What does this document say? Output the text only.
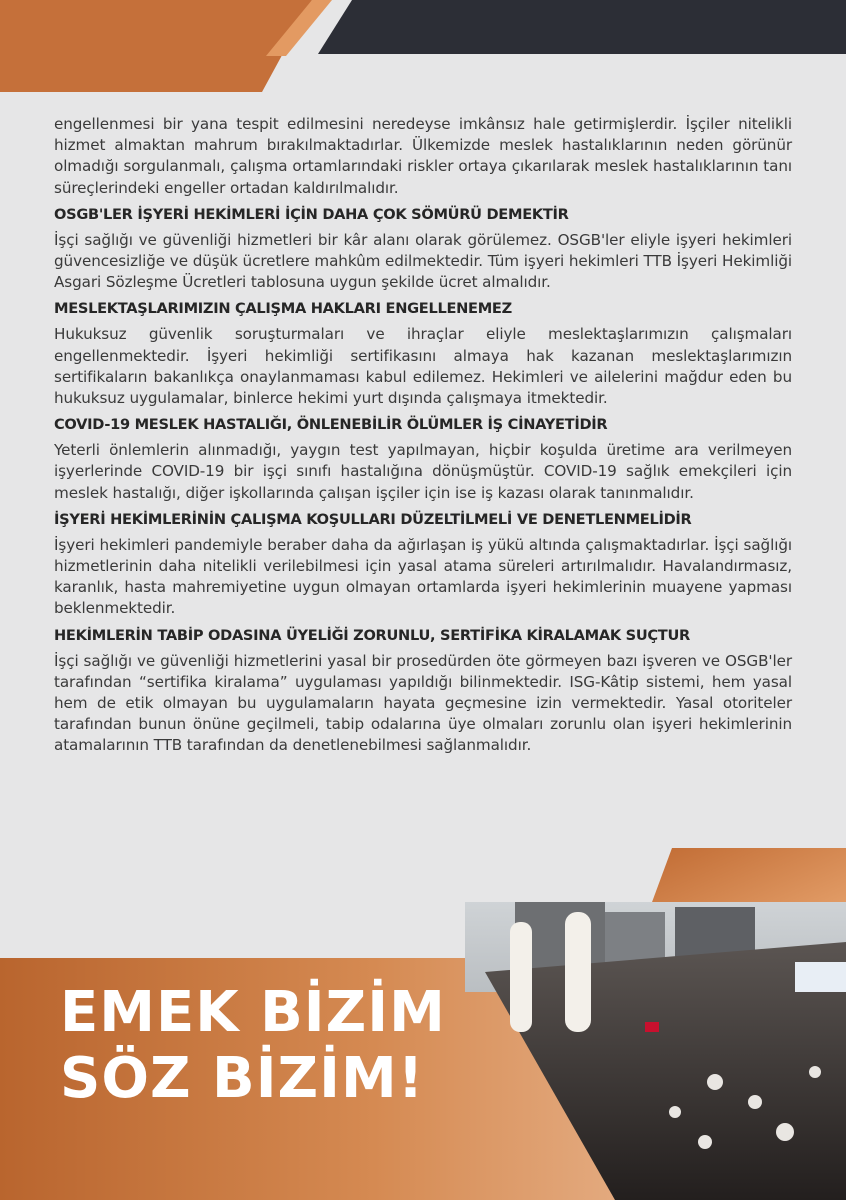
engellenmesi bir yana tespit edilmesini neredeyse imkânsız hale getirmişlerdir. İşçiler nitelikli hizmet almaktan mahrum bırakılmaktadırlar. Ülkemizde meslek hastalıklarının neden görünür olmadığı sorgulanmalı, çalışma ortamlarındaki riskler ortaya çıkarılarak meslek hastalıklarının tanı süreçlerindeki engeller ortadan kaldırılmalıdır.

OSGB'LER İŞYERİ HEKİMLERİ İÇİN DAHA ÇOK SÖMÜRÜ DEMEKTİR

İşçi sağlığı ve güvenliği hizmetleri bir kâr alanı olarak görülemez. OSGB'ler eliyle işyeri hekimleri güvencesizliğe ve düşük ücretlere mahkûm edilmektedir. Tüm işyeri hekimleri TTB İşyeri Hekimliği Asgari Sözleşme Ücretleri tablosuna uygun şekilde ücret almalıdır.

MESLEKTAŞLARIMIZIN ÇALIŞMA HAKLARI ENGELLENEMEZ

Hukuksuz güvenlik soruşturmaları ve ihraçlar eliyle meslektaşlarımızın çalışmaları engellenmektedir. İşyeri hekimliği sertifikasını almaya hak kazanan meslektaşlarımızın sertifikaların bakanlıkça onaylanmaması kabul edilemez. Hekimleri ve ailelerini mağdur eden bu hukuksuz uygulamalar, binlerce hekimi yurt dışında çalışmaya itmektedir.

COVID-19 MESLEK HASTALIĞI, ÖNLENEBİLİR ÖLÜMLER İŞ CİNAYETİDİR

Yeterli önlemlerin alınmadığı, yaygın test yapılmayan, hiçbir koşulda üretime ara verilmeyen işyerlerinde COVID-19 bir işçi sınıfı hastalığına dönüşmüştür. COVID-19 sağlık emekçileri için meslek hastalığı, diğer işkollarında çalışan işçiler için ise iş kazası olarak tanınmalıdır.

İŞYERİ HEKİMLERİNİN ÇALIŞMA KOŞULLARI DÜZELTİLMELİ VE DENETLENMELİDİR

İşyeri hekimleri pandemiyle beraber daha da ağırlaşan iş yükü altında çalışmaktadırlar. İşçi sağlığı hizmetlerinin daha nitelikli verilebilmesi için yasal atama süreleri artırılmalıdır. Havalandırmasız, karanlık, hasta mahremiyetine uygun olmayan ortamlarda işyeri hekimlerinin muayene yapması beklenmektedir.

HEKİMLERİN TABİP ODASINA ÜYELİĞİ ZORUNLU, SERTİFİKA KİRALAMAK SUÇTUR

İşçi sağlığı ve güvenliği hizmetlerini yasal bir prosedürden öte görmeyen bazı işveren ve OSGB'ler tarafından “sertifika kiralama” uygulaması yapıldığı bilinmektedir. ISG-Kâtip sistemi, hem yasal hem de etik olmayan bu uygulamaların hayata geçmesine izin vermektedir. Yasal otoriteler tarafından bunun önüne geçilmeli, tabip odalarına üye olmaları zorunlu olan işyeri hekimlerinin atamalarının TTB tarafından da denetlenebilmesi sağlanmalıdır.

EMEK BİZİM
SÖZ BİZİM!
